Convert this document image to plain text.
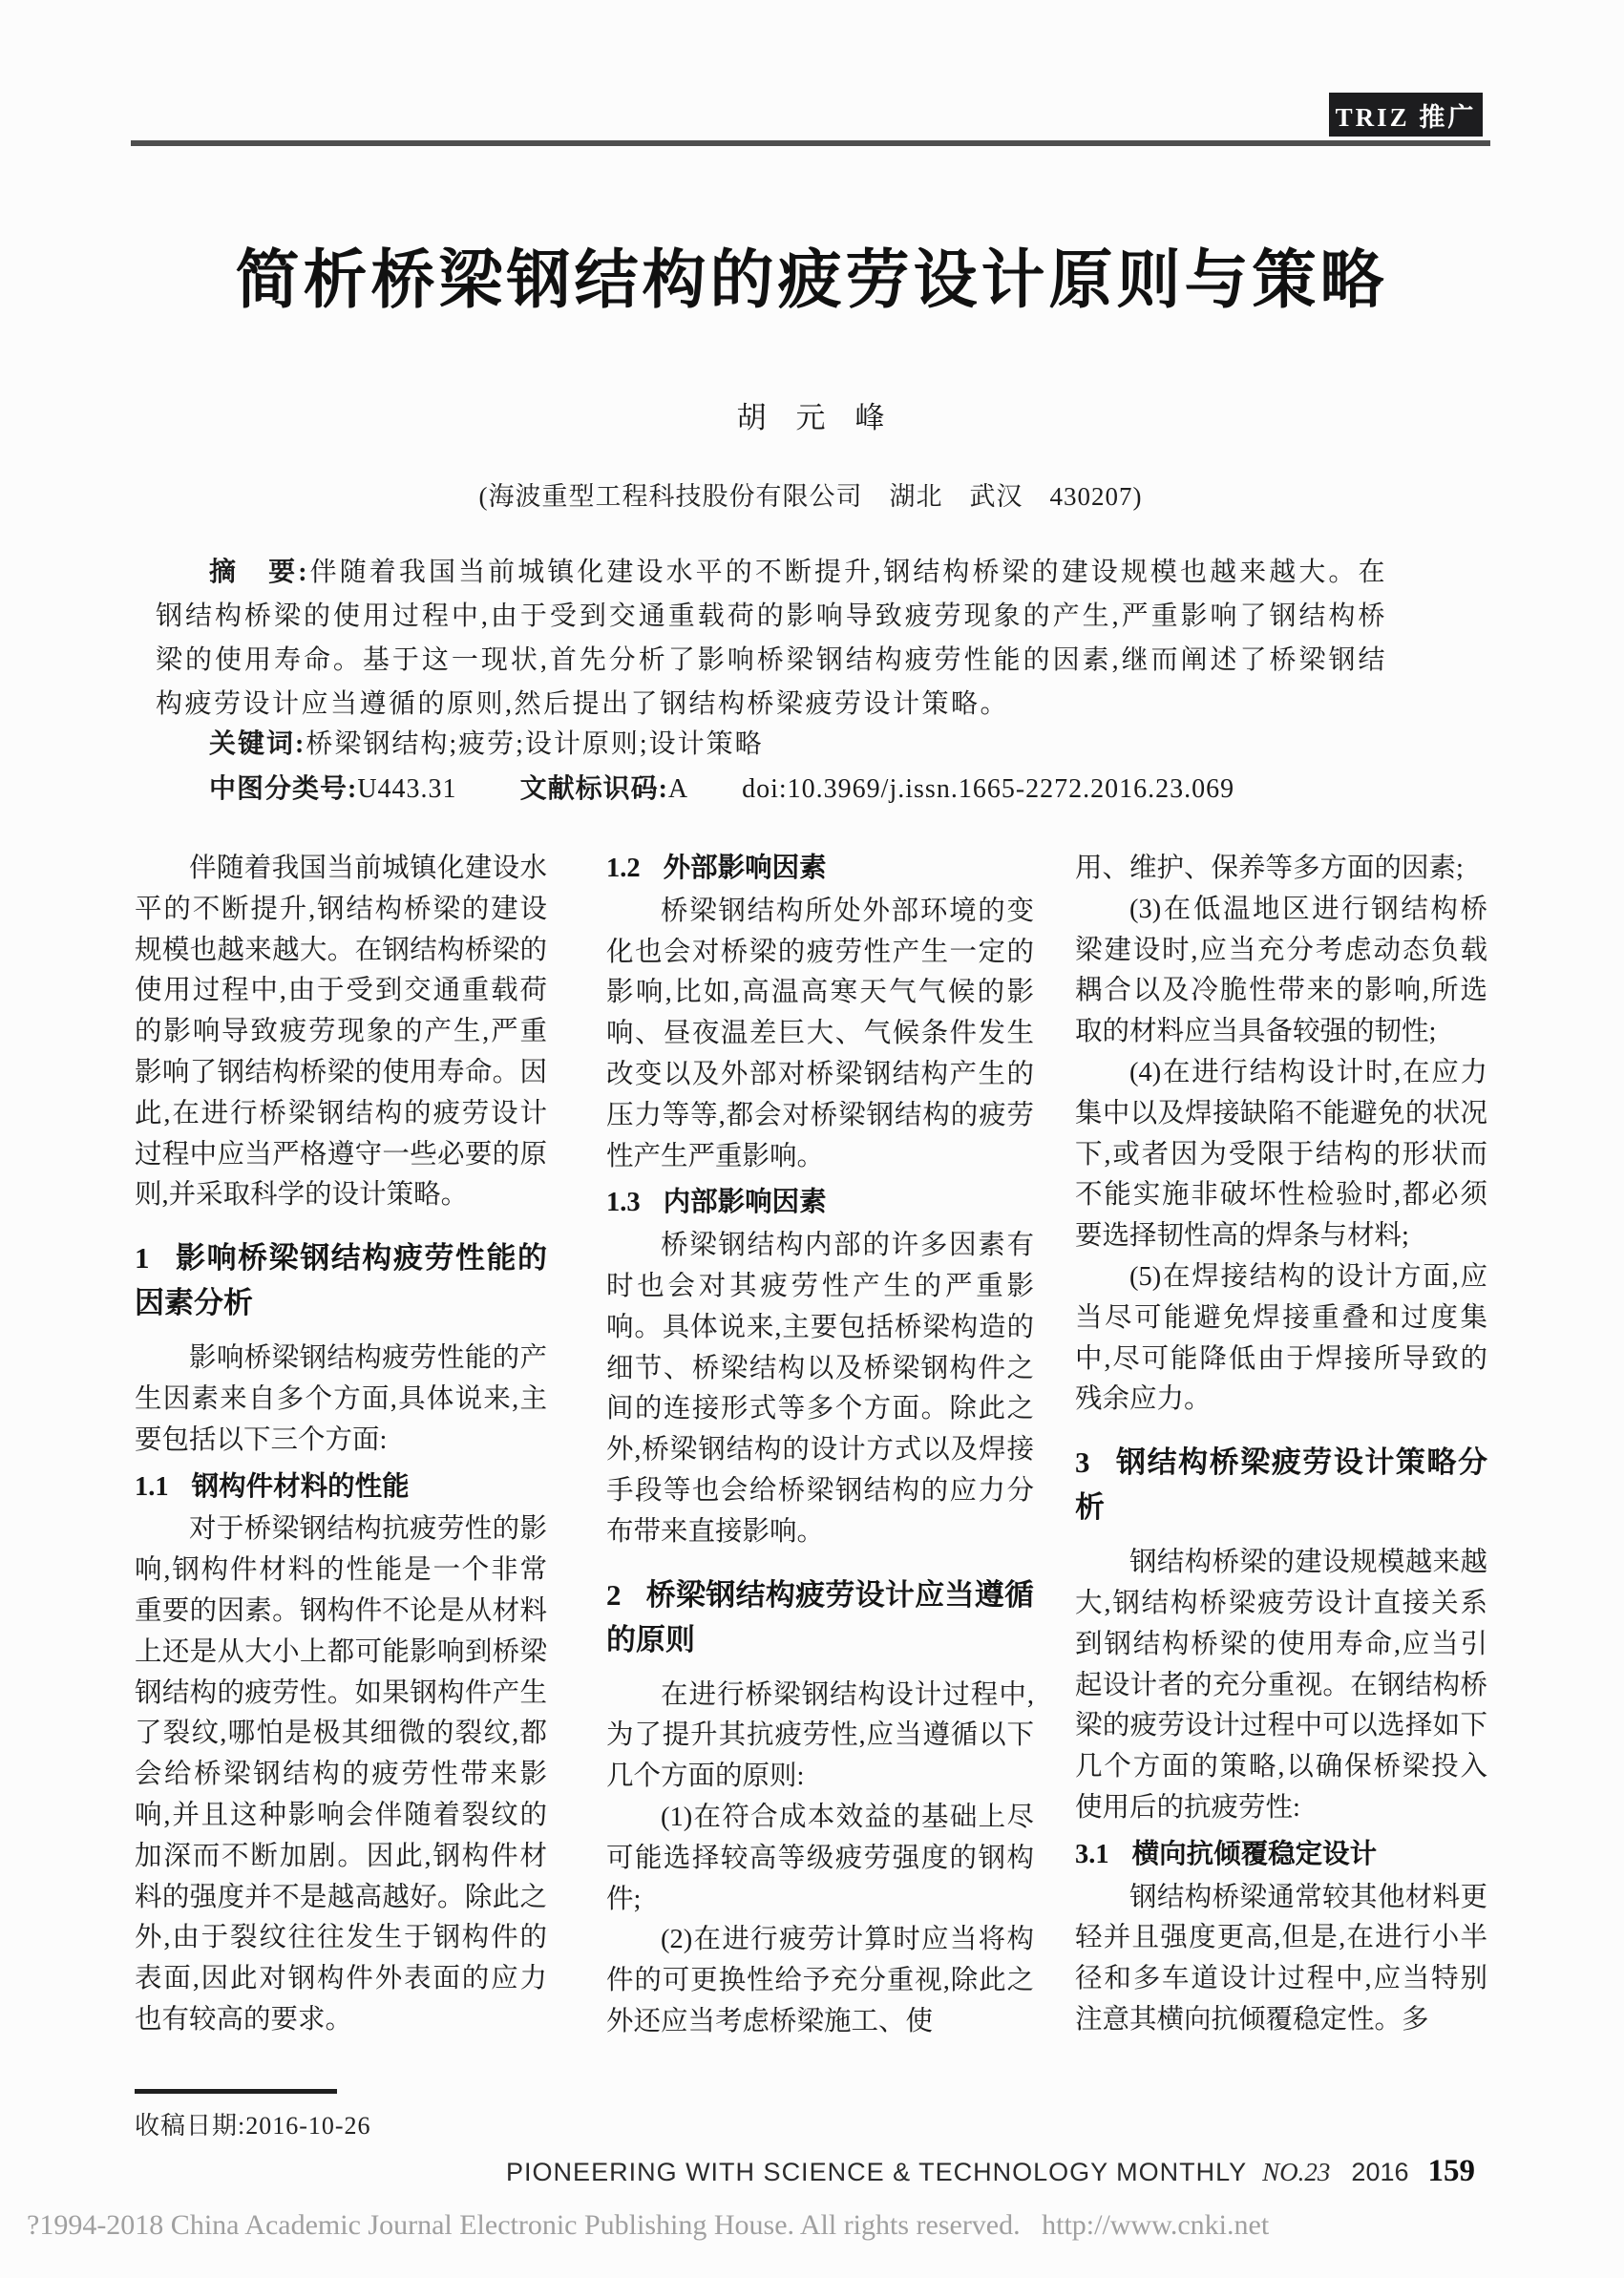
TRIZ 推广
简析桥梁钢结构的疲劳设计原则与策略
胡　元　峰
(海波重型工程科技股份有限公司　湖北　武汉　430207)

摘　要:伴随着我国当前城镇化建设水平的不断提升,钢结构桥梁的建设规模也越来越大。在钢结构桥梁的使用过程中,由于受到交通重载荷的影响导致疲劳现象的产生,严重影响了钢结构桥梁的使用寿命。基于这一现状,首先分析了影响桥梁钢结构疲劳性能的因素,继而阐述了桥梁钢结构疲劳设计应当遵循的原则,然后提出了钢结构桥梁疲劳设计策略。

关键词:桥梁钢结构;疲劳;设计原则;设计策略

中图分类号:U443.31 文献标识码:A doi:10.3969/j.issn.1665-2272.2016.23.069

伴随着我国当前城镇化建设水平的不断提升,钢结构桥梁的建设规模也越来越大。在钢结构桥梁的使用过程中,由于受到交通重载荷的影响导致疲劳现象的产生,严重影响了钢结构桥梁的使用寿命。因此,在进行桥梁钢结构的疲劳设计过程中应当严格遵守一些必要的原则,并采取科学的设计策略。

1 影响桥梁钢结构疲劳性能的因素分析

影响桥梁钢结构疲劳性能的产生因素来自多个方面,具体说来,主要包括以下三个方面:

1.1 钢构件材料的性能

对于桥梁钢结构抗疲劳性的影响,钢构件材料的性能是一个非常重要的因素。钢构件不论是从材料上还是从大小上都可能影响到桥梁钢结构的疲劳性。如果钢构件产生了裂纹,哪怕是极其细微的裂纹,都会给桥梁钢结构的疲劳性带来影响,并且这种影响会伴随着裂纹的加深而不断加剧。因此,钢构件材料的强度并不是越高越好。除此之外,由于裂纹往往发生于钢构件的表面,因此对钢构件外表面的应力也有较高的要求。

1.2 外部影响因素

桥梁钢结构所处外部环境的变化也会对桥梁的疲劳性产生一定的影响,比如,高温高寒天气气候的影响、昼夜温差巨大、气候条件发生改变以及外部对桥梁钢结构产生的压力等等,都会对桥梁钢结构的疲劳性产生严重影响。

1.3 内部影响因素

桥梁钢结构内部的许多因素有时也会对其疲劳性产生的严重影响。具体说来,主要包括桥梁构造的细节、桥梁结构以及桥梁钢构件之间的连接形式等多个方面。除此之外,桥梁钢结构的设计方式以及焊接手段等也会给桥梁钢结构的应力分布带来直接影响。

2 桥梁钢结构疲劳设计应当遵循的原则

在进行桥梁钢结构设计过程中,为了提升其抗疲劳性,应当遵循以下几个方面的原则:

(1)在符合成本效益的基础上尽可能选择较高等级疲劳强度的钢构件;

(2)在进行疲劳计算时应当将构件的可更换性给予充分重视,除此之外还应当考虑桥梁施工、使

用、维护、保养等多方面的因素;

(3)在低温地区进行钢结构桥梁建设时,应当充分考虑动态负载耦合以及冷脆性带来的影响,所选取的材料应当具备较强的韧性;

(4)在进行结构设计时,在应力集中以及焊接缺陷不能避免的状况下,或者因为受限于结构的形状而不能实施非破坏性检验时,都必须要选择韧性高的焊条与材料;

(5)在焊接结构的设计方面,应当尽可能避免焊接重叠和过度集中,尽可能降低由于焊接所导致的残余应力。

3 钢结构桥梁疲劳设计策略分析

钢结构桥梁的建设规模越来越大,钢结构桥梁疲劳设计直接关系到钢结构桥梁的使用寿命,应当引起设计者的充分重视。在钢结构桥梁的疲劳设计过程中可以选择如下几个方面的策略,以确保桥梁投入使用后的抗疲劳性:

3.1 横向抗倾覆稳定设计

钢结构桥梁通常较其他材料更轻并且强度更高,但是,在进行小半径和多车道设计过程中,应当特别注意其横向抗倾覆稳定性。多

收稿日期:2016-10-26
PIONEERING WITH SCIENCE & TECHNOLOGY MONTHLY NO.23 2016 159
?1994-2018 China Academic Journal Electronic Publishing House. All rights reserved.   http://www.cnki.net
